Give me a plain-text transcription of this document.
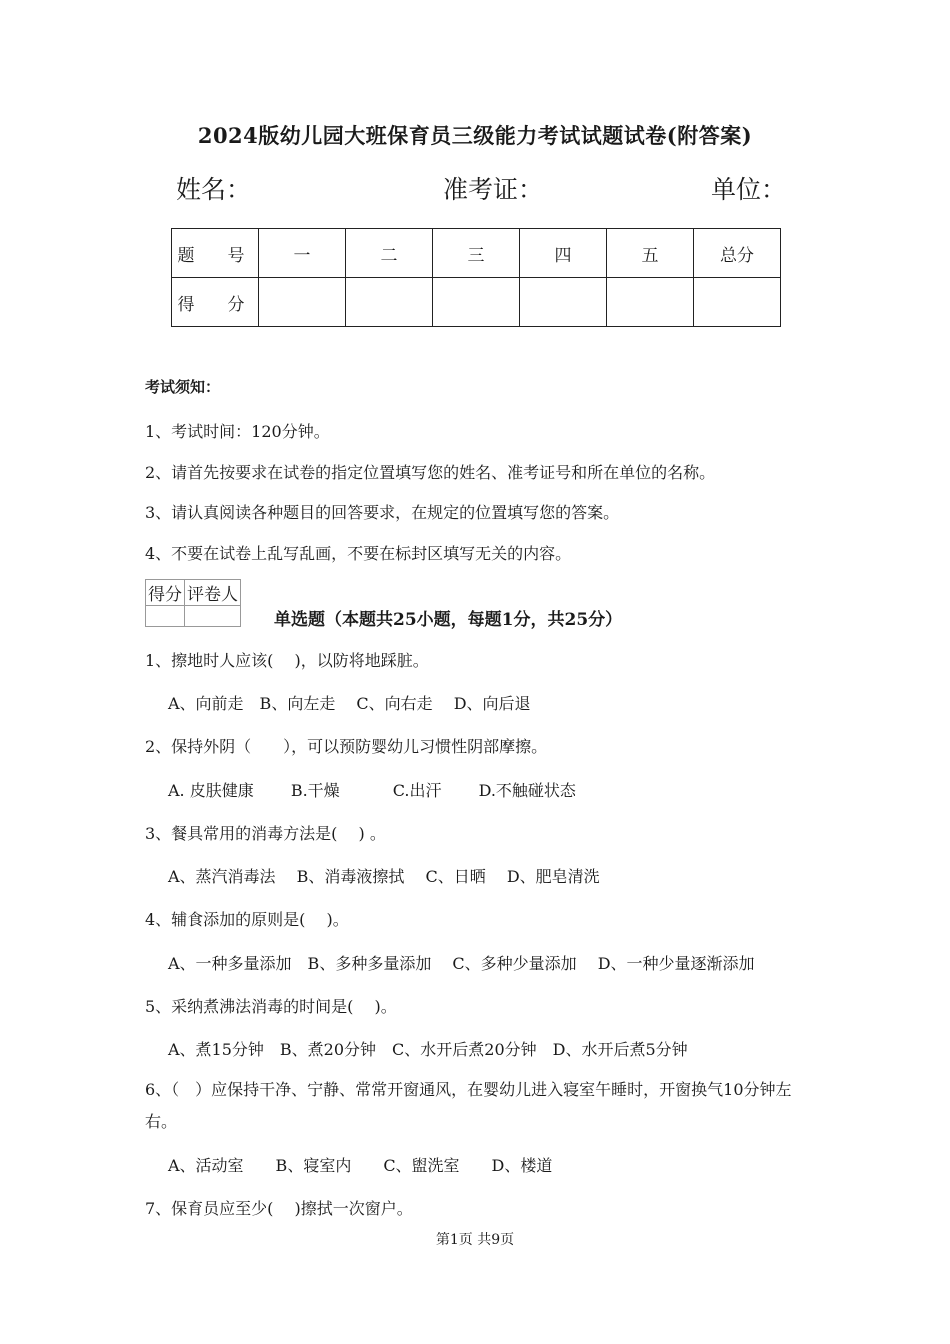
2024版幼儿园大班保育员三级能力考试试题试卷(附答案)
姓名：	准考证：	单位：
题　号	一	二	三	四	五	总分
得　分						
考试须知：
1、考试时间：120分钟。
2、请首先按要求在试卷的指定位置填写您的姓名、准考证号和所在单位的名称。
3、请认真阅读各种题目的回答要求，在规定的位置填写您的答案。
4、不要在试卷上乱写乱画，不要在标封区填写无关的内容。
得分	评卷人

单选题（本题共25小题，每题1分，共25分）
1、擦地时人应该(　 )，以防将地踩脏。
A、向前走　B、向左走　 C、向右走　 D、向后退
2、保持外阴（　　），可以预防婴幼儿习惯性阴部摩擦。
A. 皮肤健康　　 B.干燥　　　 C.出汗　　 D.不触碰状态
3、餐具常用的消毒方法是(　 ) 。
A、蒸汽消毒法　 B、消毒液擦拭　 C、日晒　 D、肥皂清洗
4、辅食添加的原则是(　 )。
A、一种多量添加　B、多种多量添加　 C、多种少量添加　 D、一种少量逐渐添加
5、采纳煮沸法消毒的时间是(　 )。
A、煮15分钟　B、煮20分钟　C、水开后煮20分钟　D、水开后煮5分钟
6、（　）应保持干净、宁静、常常开窗通风，在婴幼儿进入寝室午睡时，开窗换气10分钟左右。
A、活动室　　B、寝室内　　C、盥洗室　　D、楼道
7、保育员应至少(　 )擦拭一次窗户。
第1页 共9页
